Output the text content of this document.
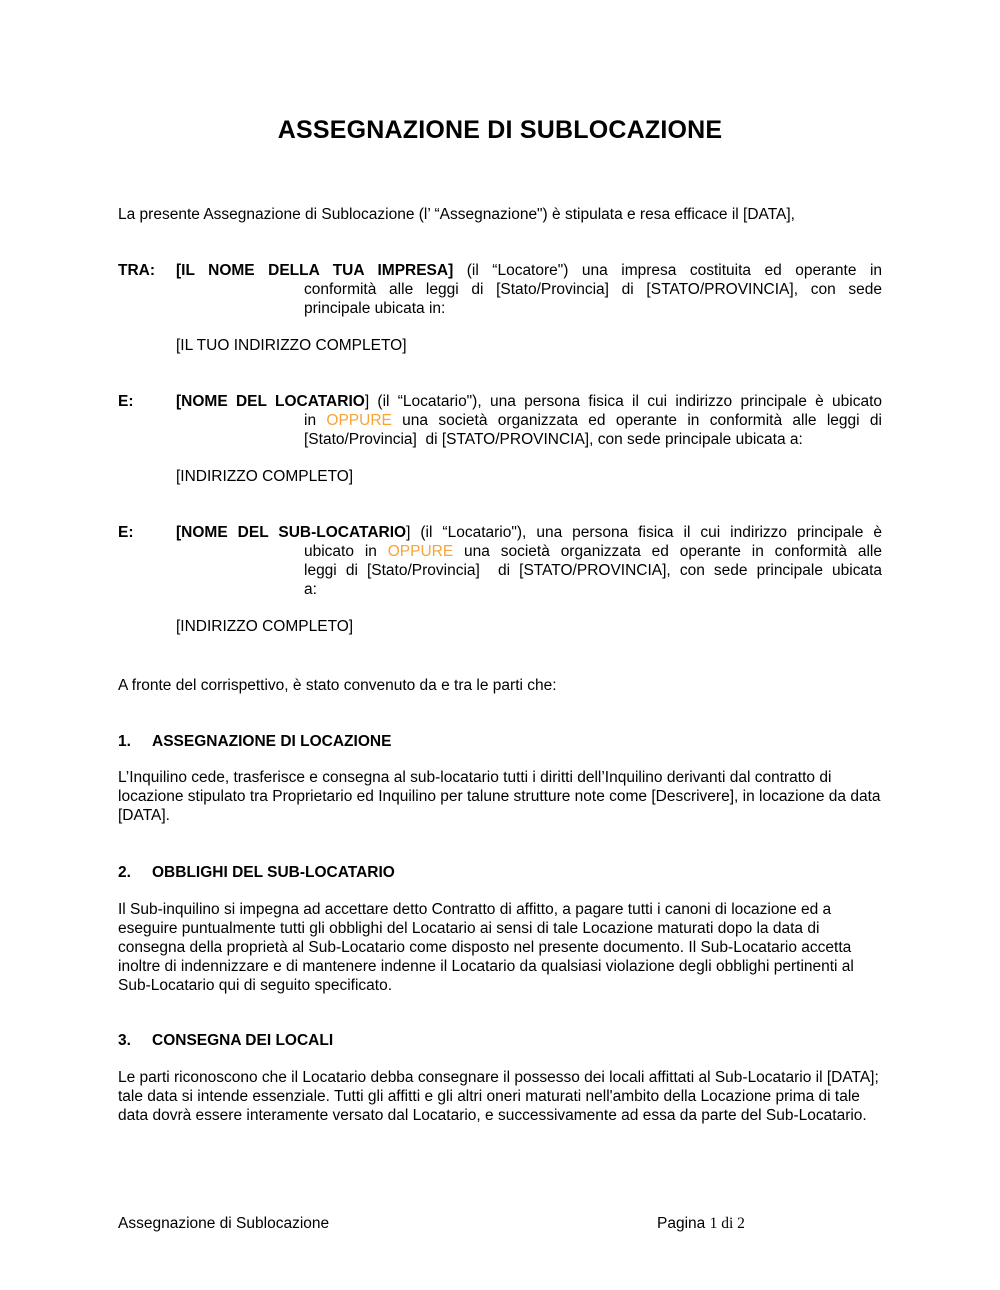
ASSEGNAZIONE DI SUBLOCAZIONE
La presente Assegnazione di Sublocazione (l’ “Assegnazione") è stipulata e resa efficace il [DATA],
TRA: [IL NOME DELLA TUA IMPRESA] (il “Locatore") una impresa costituita ed operante in
conformità alle leggi di [Stato/Provincia] di [STATO/PROVINCIA], con sede
principale ubicata in:
[IL TUO INDIRIZZO COMPLETO]
E:	[NOME DEL LOCATARIO] (il “Locatario"), una persona fisica il cui indirizzo principale è ubicato
in OPPURE una società organizzata ed operante in conformità alle leggi di
[Stato/Provincia]  di [STATO/PROVINCIA], con sede principale ubicata a:
[INDIRIZZO COMPLETO]
E:	[NOME DEL SUB-LOCATARIO] (il “Locatario"), una persona fisica il cui indirizzo principale è
ubicato in OPPURE una società organizzata ed operante in conformità alle
leggi di [Stato/Provincia]  di [STATO/PROVINCIA], con sede principale ubicata
a:
[INDIRIZZO COMPLETO]
A fronte del corrispettivo, è stato convenuto da e tra le parti che:
1. ASSEGNAZIONE DI LOCAZIONE
L’Inquilino cede, trasferisce e consegna al sub-locatario tutti i diritti dell’Inquilino derivanti dal contratto di locazione stipulato tra Proprietario ed Inquilino per talune strutture note come [Descrivere], in locazione da data [DATA].
2. OBBLIGHI DEL SUB-LOCATARIO
Il Sub-inquilino si impegna ad accettare detto Contratto di affitto, a pagare tutti i canoni di locazione ed a eseguire puntualmente tutti gli obblighi del Locatario ai sensi di tale Locazione maturati dopo la data di consegna della proprietà al Sub-Locatario come disposto nel presente documento. Il Sub-Locatario accetta inoltre di indennizzare e di mantenere indenne il Locatario da qualsiasi violazione degli obblighi pertinenti al Sub-Locatario qui di seguito specificato.
3. CONSEGNA DEI LOCALI
Le parti riconoscono che il Locatario debba consegnare il possesso dei locali affittati al Sub-Locatario il [DATA]; tale data si intende essenziale. Tutti gli affitti e gli altri oneri maturati nell'ambito della Locazione prima di tale data dovrà essere interamente versato dal Locatario, e successivamente ad essa da parte del Sub-Locatario.
Assegnazione di Sublocazione	Pagina 1 di 2
